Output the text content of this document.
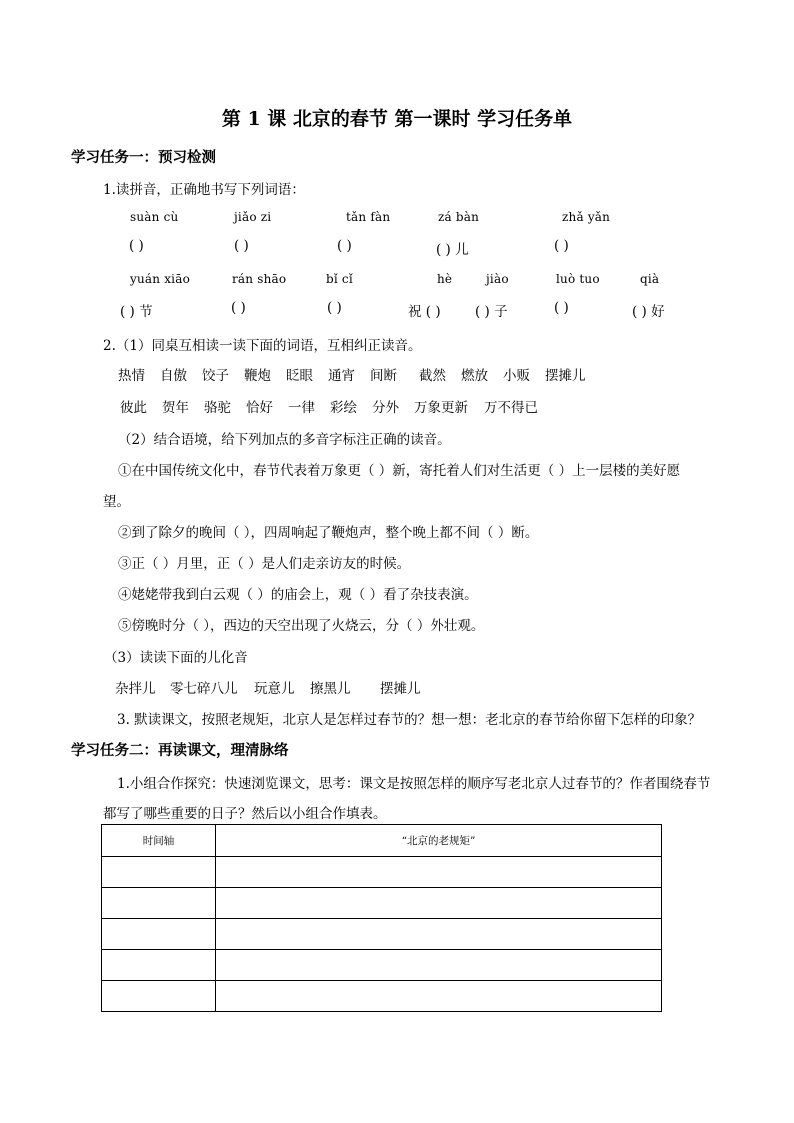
第 1 课 北京的春节 第一课时 学习任务单
学习任务一：预习检测
1.读拼音，正确地书写下列词语：
suàn cù	jiǎo zi	tǎn fàn	zá bàn	zhǎ yǎn
( )	( )	( )	( ) 儿	( )
yuán xiāo	rán shāo	bǐ cǐ	hè	jiào	luò tuo	qià
( ) 节	( )	( )	祝 ( )	( ) 子	( )	( ) 好
2.（1）同桌互相读一读下面的词语，互相纠正读音。
热情 自傲 饺子 鞭炮 眨眼 通宵 间断 截然 燃放 小贩 摆摊儿
彼此 贺年 骆驼 恰好 一律 彩绘 分外 万象更新 万不得已
（2）结合语境，给下列加点的多音字标注正确的读音。
①在中国传统文化中，春节代表着万象更（ ）新，寄托着人们对生活更（ ）上一层楼的美好愿
望。
②到了除夕的晚间（ ），四周响起了鞭炮声，整个晚上都不间（ ）断。
③正（ ）月里，正（ ）是人们走亲访友的时候。
④姥姥带我到白云观（ ）的庙会上，观（ ）看了杂技表演。
⑤傍晚时分（ ），西边的天空出现了火烧云，分（ ）外壮观。
（3）读读下面的儿化音
杂拌儿 零七碎八儿 玩意儿 擦黑儿 摆摊儿
3. 默读课文，按照老规矩，北京人是怎样过春节的？想一想：老北京的春节给你留下怎样的印象？
学习任务二：再读课文，理清脉络
1.小组合作探究：快速浏览课文，思考：课文是按照怎样的顺序写老北京人过春节的？作者围绕春节
都写了哪些重要的日子？然后以小组合作填表。
时间轴	“北京的老规矩”
